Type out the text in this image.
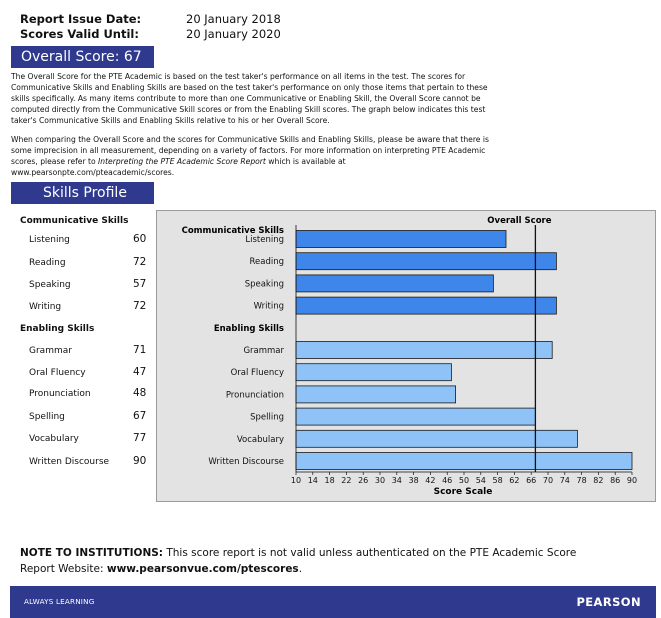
Report Issue Date:	20 January 2018
Scores Valid Until:	20 January 2020
Overall Score: 67
The Overall Score for the PTE Academic is based on the test taker's performance on all items in the test. The scores for
Communicative Skills and Enabling Skills are based on the test taker's performance on only those items that pertain to these
skills specifically. As many items contribute to more than one Communicative or Enabling Skill, the Overall Score cannot be
computed directly from the Communicative Skill scores or from the Enabling Skill scores. The graph below indicates this test
taker's Communicative Skills and Enabling Skills relative to his or her Overall Score.
When comparing the Overall Score and the scores for Communicative Skills and Enabling Skills, please be aware that there is
some imprecision in all measurement, depending on a variety of factors. For more information on interpreting PTE Academic
scores, please refer to Interpreting the PTE Academic Score Report which is available at
www.pearsonpte.com/pteacademic/scores.
Skills Profile
Communicative Skills
Listening	60
Reading	72
Speaking	57
Writing	72
Enabling Skills
Grammar	71
Oral Fluency	47
Pronunciation	48
Spelling	67
Vocabulary	77
Written Discourse 90
Communicative Skills
Enabling Skills
Overall Score
Score Scale
Listening
Reading
Speaking
Writing
Grammar
Oral Fluency
Pronunciation
Spelling
Vocabulary
Written Discourse
10 14 18 22 26 30 34 38 42 46 50 54 58 62 66 70 74 78 82 86 90
NOTE TO INSTITUTIONS: This score report is not valid unless authenticated on the PTE Academic Score
Report Website: www.pearsonvue.com/ptescores.
ALWAYS LEARNING	PEARSON
